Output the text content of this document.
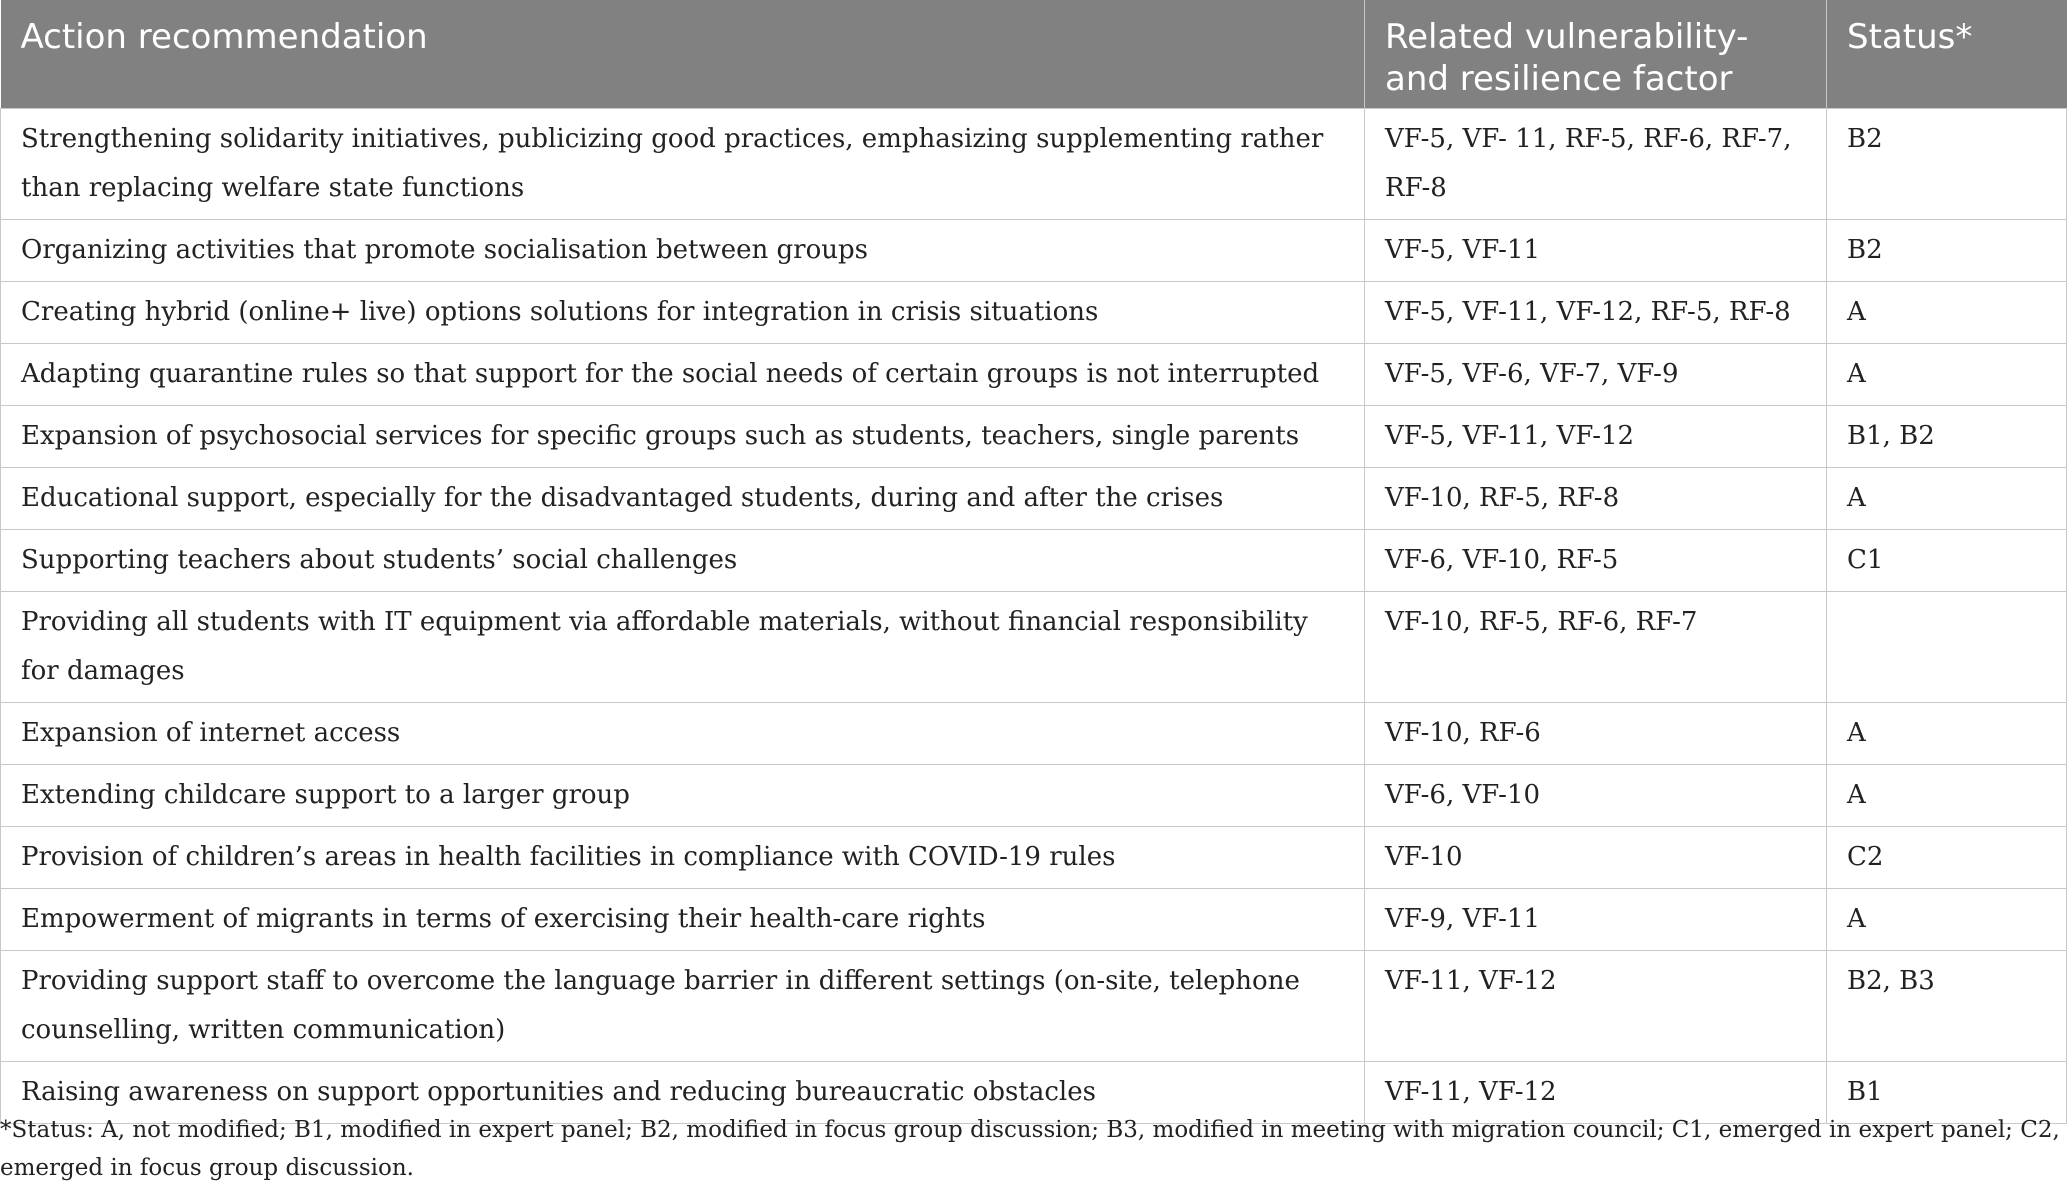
Action recommendation	Related vulnerability- and resilience factor	Status*
Strengthening solidarity initiatives, publicizing good practices, emphasizing supplementing rather than replacing welfare state functions	VF-5, VF- 11, RF-5, RF-6, RF-7, RF-8	B2
Organizing activities that promote socialisation between groups	VF-5, VF-11	B2
Creating hybrid (online+ live) options solutions for integration in crisis situations	VF-5, VF-11, VF-12, RF-5, RF-8	A
Adapting quarantine rules so that support for the social needs of certain groups is not interrupted	VF-5, VF-6, VF-7, VF-9	A
Expansion of psychosocial services for specific groups such as students, teachers, single parents	VF-5, VF-11, VF-12	B1, B2
Educational support, especially for the disadvantaged students, during and after the crises	VF-10, RF-5, RF-8	A
Supporting teachers about students’ social challenges	VF-6, VF-10, RF-5	C1
Providing all students with IT equipment via affordable materials, without financial responsibility for damages	VF-10, RF-5, RF-6, RF-7	
Expansion of internet access	VF-10, RF-6	A
Extending childcare support to a larger group	VF-6, VF-10	A
Provision of children’s areas in health facilities in compliance with COVID-19 rules	VF-10	C2
Empowerment of migrants in terms of exercising their health-care rights	VF-9, VF-11	A
Providing support staff to overcome the language barrier in different settings (on-site, telephone counselling, written communication)	VF-11, VF-12	B2, B3
Raising awareness on support opportunities and reducing bureaucratic obstacles	VF-11, VF-12	B1
*Status: A, not modified; B1, modified in expert panel; B2, modified in focus group discussion; B3, modified in meeting with migration council; C1, emerged in expert panel; C2, emerged in focus group discussion.
